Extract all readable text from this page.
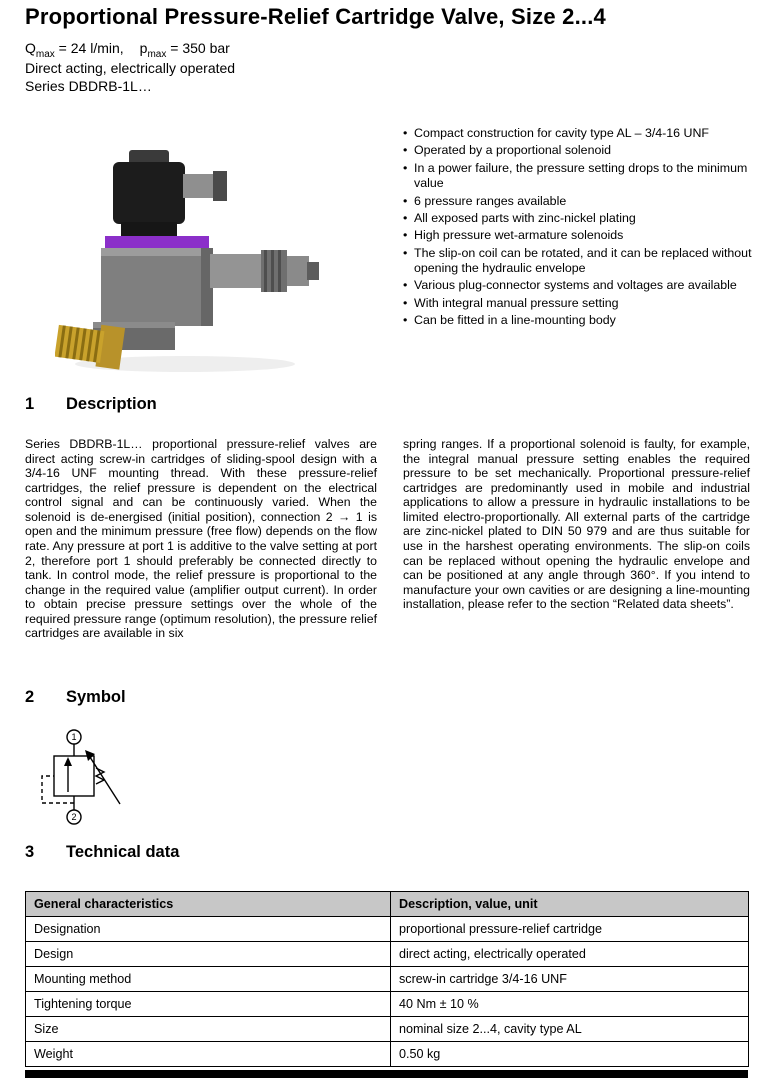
Proportional Pressure-Relief Cartridge Valve, Size 2...4
$Q_{max} = 24$ l/min, $p_{max} = 350$ bar
Direct acting, electrically operated
Series DBDRB-1L…
•
Compact construction for cavity type AL – 3/4-16 UNF
•
Operated by a proportional solenoid
•
In a power failure, the pressure setting drops to the minimum value
•
6 pressure ranges available
•
All exposed parts with zinc-nickel plating
•
High pressure wet-armature solenoids
•
The slip-on coil can be rotated, and it can be replaced without opening the hydraulic envelope
•
Various plug-connector systems and voltages are available
•
With integral manual pressure setting
•
Can be fitted in a line-mounting body
1 Description
Series DBDRB-1L… proportional pressure-relief valves are direct acting screw-in cartridges of sliding-spool design with a 3/4-16 UNF mounting thread. With these pressure-relief cartridges, the relief pressure is dependent on the electrical control signal and can be continuously varied. When the solenoid is de-energised (initial position), connection 2 → 1 is open and the minimum pressure (free flow) depends on the flow rate. Any pressure at port 1 is additive to the valve setting at port 2, therefore port 1 should preferably be connected directly to tank. In control mode, the relief pressure is proportional to the change in the required value (amplifier output current). In order to obtain precise pressure settings over the whole of the required pressure range (optimum resolution), the pressure relief cartridges are available in six
spring ranges. If a proportional solenoid is faulty, for example, the integral manual pressure setting enables the required pressure to be set mechanically. Proportional pressure-relief cartridges are predominantly used in mobile and industrial applications to allow a pressure in hydraulic installations to be limited electro-proportionally. All external parts of the cartridge are zinc-nickel plated to DIN 50 979 and are thus suitable for use in the harshest operating environments. The slip-on coils can be replaced without opening the hydraulic envelope and can be positioned at any angle through 360°. If you intend to manufacture your own cavities or are designing a line-mounting installation, please refer to the section “Related data sheets”.
2 Symbol
1
2
3 Technical data
General characteristics	Description, value, unit
Designation	proportional pressure-relief cartridge
Design	direct acting, electrically operated
Mounting method	screw-in cartridge 3/4-16 UNF
Tightening torque	40 Nm ± 10 %
Size	nominal size 2...4, cavity type AL
Weight	0.50 kg
